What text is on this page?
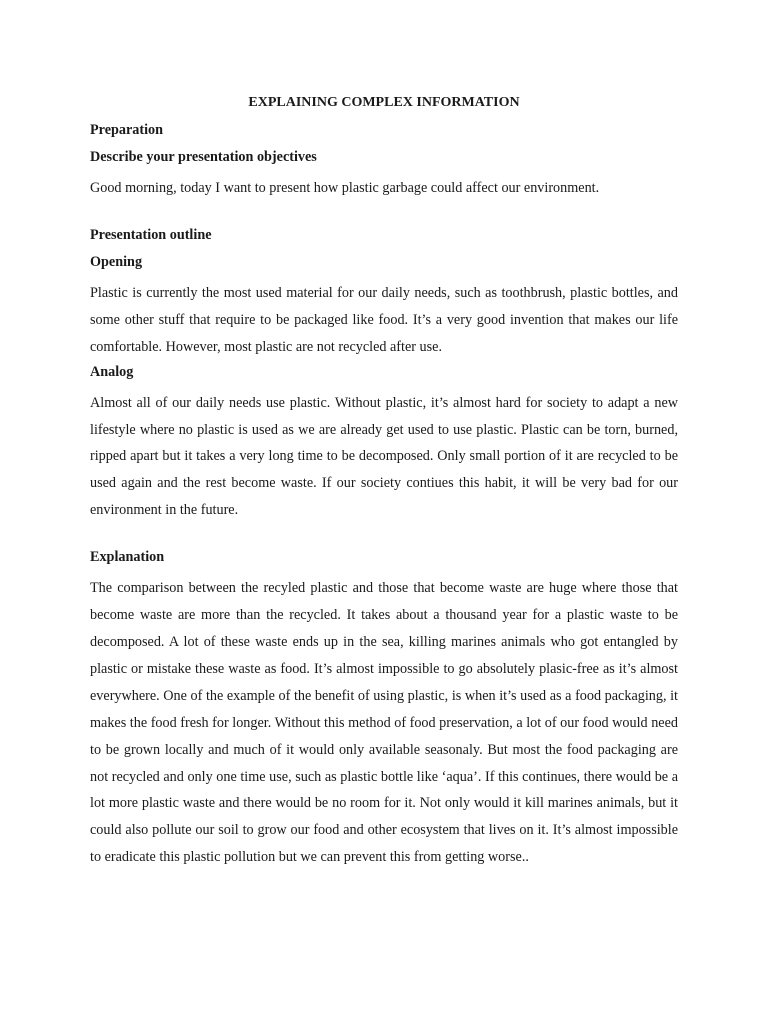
EXPLAINING COMPLEX INFORMATION
Preparation
Describe your presentation objectives

Good morning, today I want to present how plastic garbage could affect our environment.

Presentation outline
Opening

Plastic is currently the most used material for our daily needs, such as toothbrush, plastic bottles, and some other stuff that require to be packaged like food. It’s a very good invention that makes our life comfortable. However, most plastic are not recycled after use.

Analog

Almost all of our daily needs use plastic. Without plastic, it’s almost hard for society to adapt a new lifestyle where no plastic is used as we are already get used to use plastic. Plastic can be torn, burned, ripped apart but it takes a very long time to be decomposed. Only small portion of it are recycled to be used again and the rest become waste. If our society contiues this habit, it will be very bad for our environment in the future.

Explanation

The comparison between the recyled plastic and those that become waste are huge where those that become waste are more than the recycled. It takes about a thousand year for a plastic waste to be decomposed. A lot of these waste ends up in the sea, killing marines animals who got entangled by plastic or mistake these waste as food. It’s almost impossible to go absolutely plasic-free as it’s almost everywhere. One of the example of the benefit of using plastic, is when it’s used as a food packaging, it makes the food fresh for longer. Without this method of food preservation, a lot of our food would need to be grown locally and much of it would only available seasonaly. But most the food packaging are not recycled and only one time use, such as plastic bottle like ‘aqua’. If this continues, there would be a lot more plastic waste and there would be no room for it. Not only would it kill marines animals, but it could also pollute our soil to grow our food and other ecosystem that lives on it. It’s almost impossible to eradicate this plastic pollution but we can prevent this from getting worse..
